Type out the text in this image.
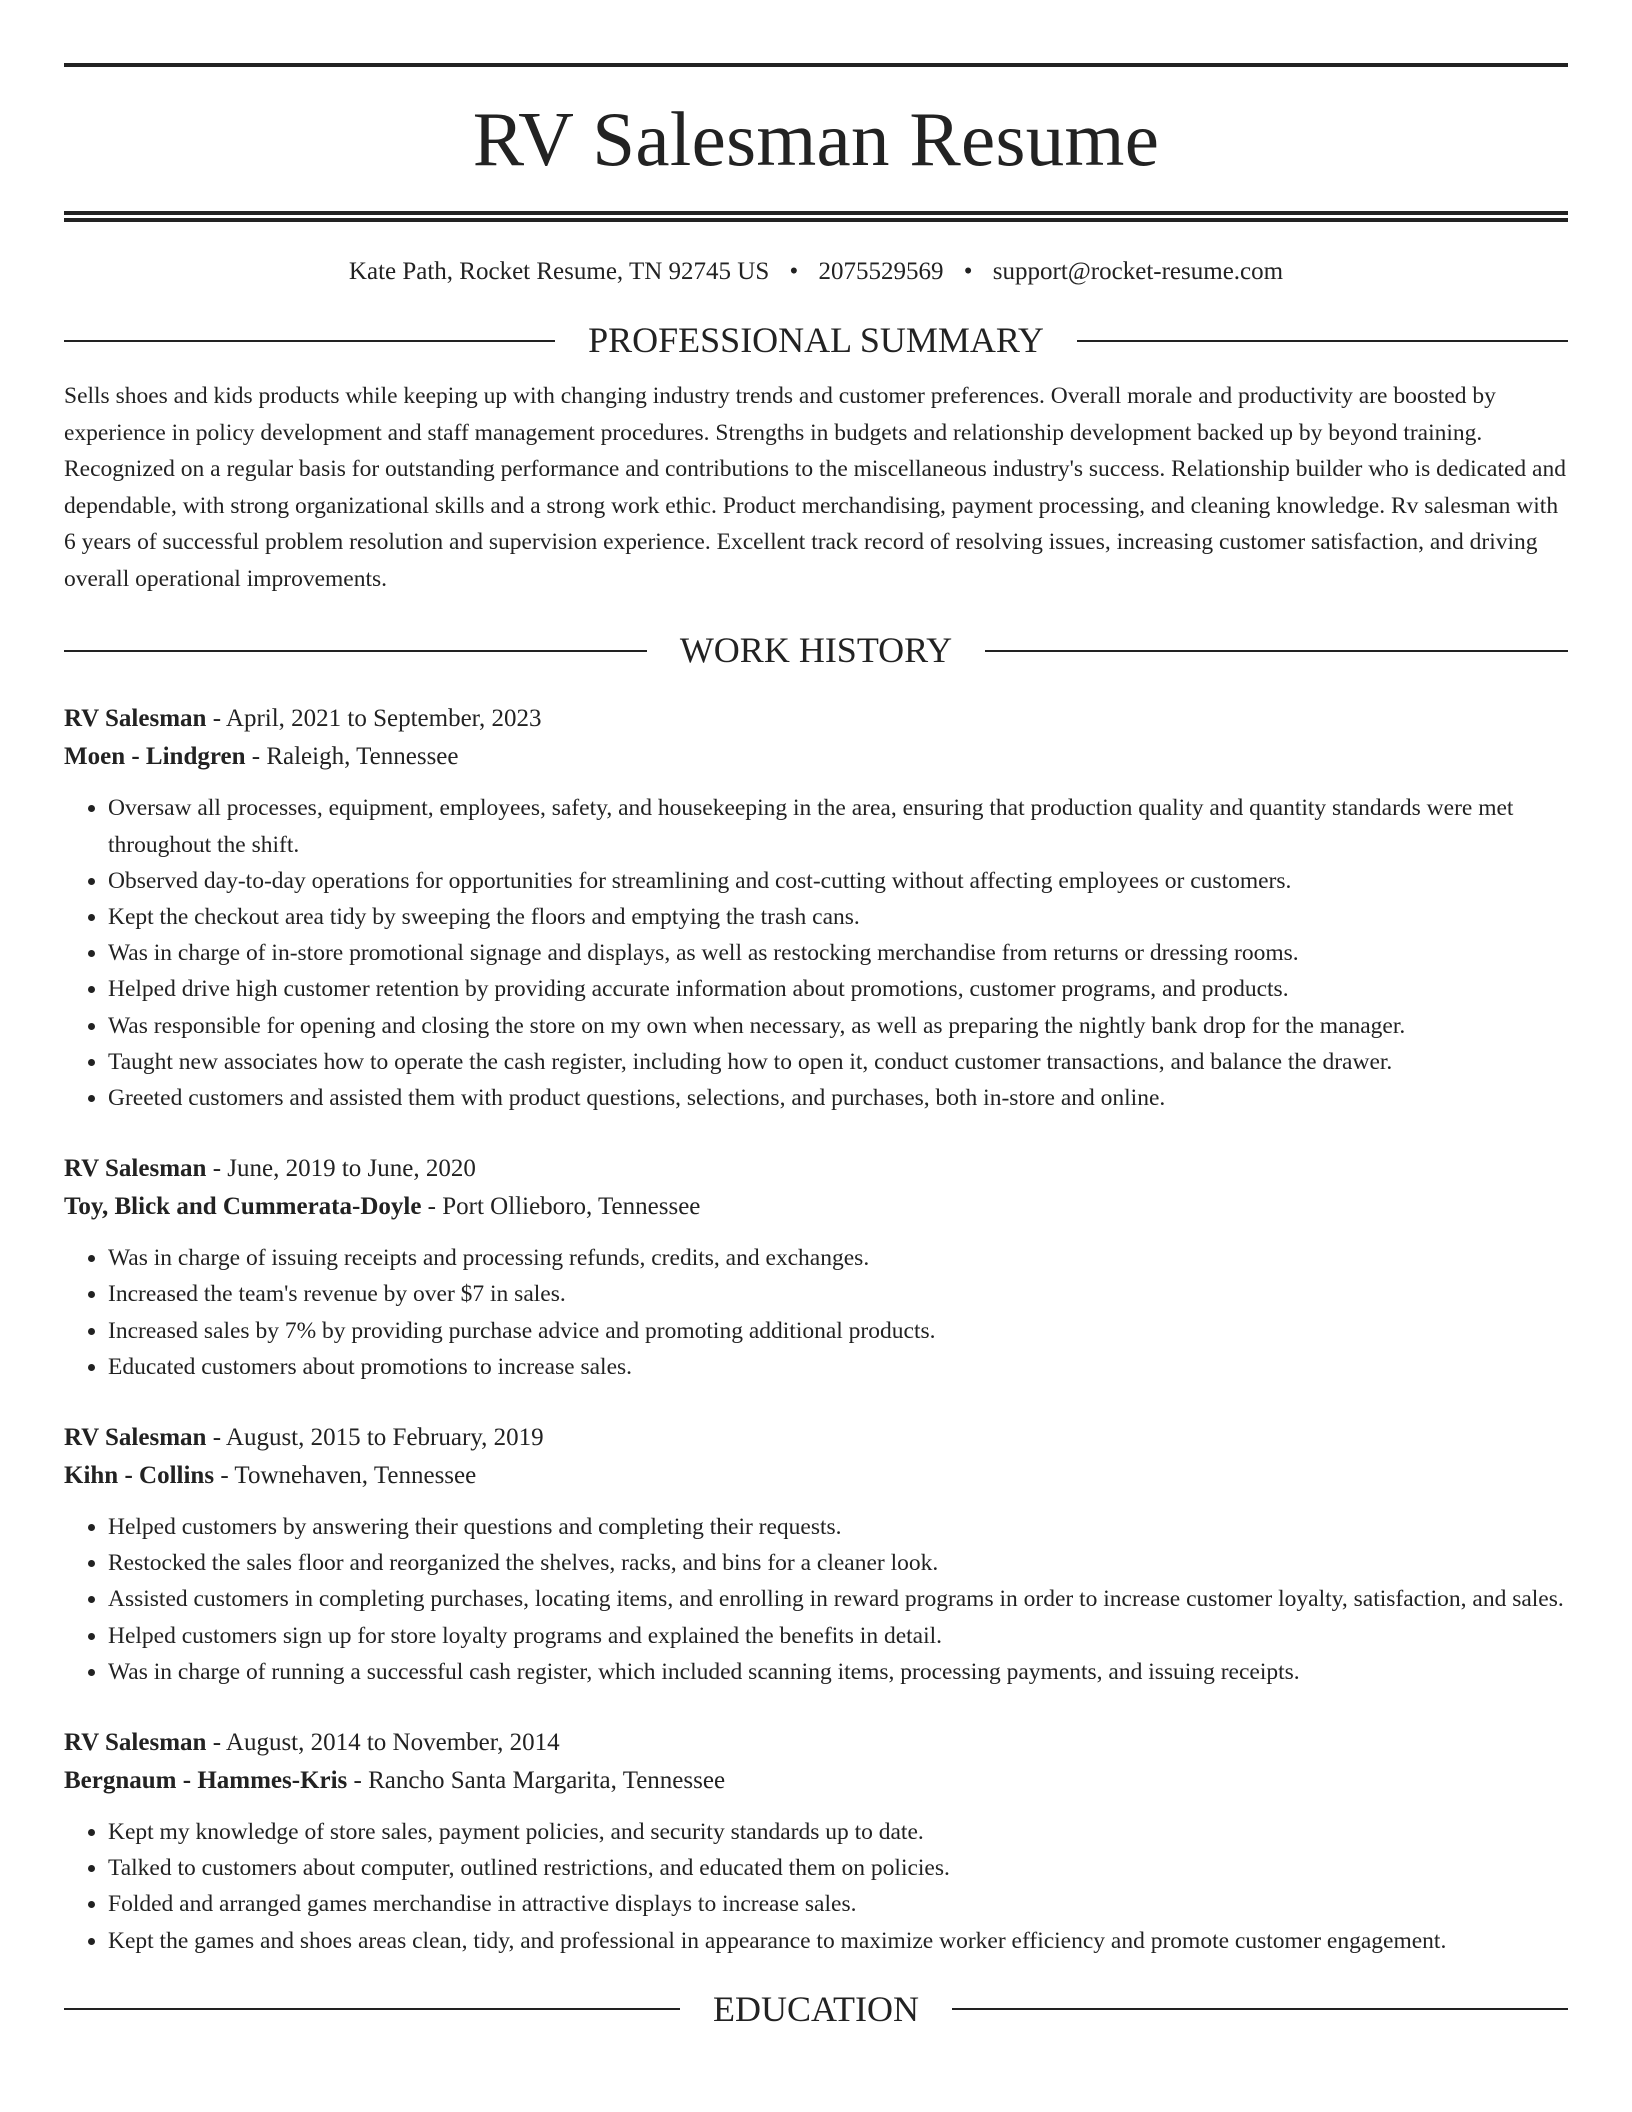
RV Salesman Resume
Kate Path, Rocket Resume, TN 92745 US • 2075529569 • support@rocket-resume.com
PROFESSIONAL SUMMARY
Sells shoes and kids products while keeping up with changing industry trends and customer preferences. Overall morale and productivity are boosted by experience in policy development and staff management procedures. Strengths in budgets and relationship development backed up by beyond training. Recognized on a regular basis for outstanding performance and contributions to the miscellaneous industry's success. Relationship builder who is dedicated and dependable, with strong organizational skills and a strong work ethic. Product merchandising, payment processing, and cleaning knowledge. Rv salesman with 6 years of successful problem resolution and supervision experience. Excellent track record of resolving issues, increasing customer satisfaction, and driving overall operational improvements.
WORK HISTORY
RV Salesman - April, 2021 to September, 2023
Moen - Lindgren - Raleigh, Tennessee
• Oversaw all processes, equipment, employees, safety, and housekeeping in the area, ensuring that production quality and quantity standards were met throughout the shift.
• Observed day-to-day operations for opportunities for streamlining and cost-cutting without affecting employees or customers.
• Kept the checkout area tidy by sweeping the floors and emptying the trash cans.
• Was in charge of in-store promotional signage and displays, as well as restocking merchandise from returns or dressing rooms.
• Helped drive high customer retention by providing accurate information about promotions, customer programs, and products.
• Was responsible for opening and closing the store on my own when necessary, as well as preparing the nightly bank drop for the manager.
• Taught new associates how to operate the cash register, including how to open it, conduct customer transactions, and balance the drawer.
• Greeted customers and assisted them with product questions, selections, and purchases, both in-store and online.
RV Salesman - June, 2019 to June, 2020
Toy, Blick and Cummerata-Doyle - Port Ollieboro, Tennessee
• Was in charge of issuing receipts and processing refunds, credits, and exchanges.
• Increased the team's revenue by over $7 in sales.
• Increased sales by 7% by providing purchase advice and promoting additional products.
• Educated customers about promotions to increase sales.
RV Salesman - August, 2015 to February, 2019
Kihn - Collins - Townehaven, Tennessee
• Helped customers by answering their questions and completing their requests.
• Restocked the sales floor and reorganized the shelves, racks, and bins for a cleaner look.
• Assisted customers in completing purchases, locating items, and enrolling in reward programs in order to increase customer loyalty, satisfaction, and sales.
• Helped customers sign up for store loyalty programs and explained the benefits in detail.
• Was in charge of running a successful cash register, which included scanning items, processing payments, and issuing receipts.
RV Salesman - August, 2014 to November, 2014
Bergnaum - Hammes-Kris - Rancho Santa Margarita, Tennessee
• Kept my knowledge of store sales, payment policies, and security standards up to date.
• Talked to customers about computer, outlined restrictions, and educated them on policies.
• Folded and arranged games merchandise in attractive displays to increase sales.
• Kept the games and shoes areas clean, tidy, and professional in appearance to maximize worker efficiency and promote customer engagement.
EDUCATION
